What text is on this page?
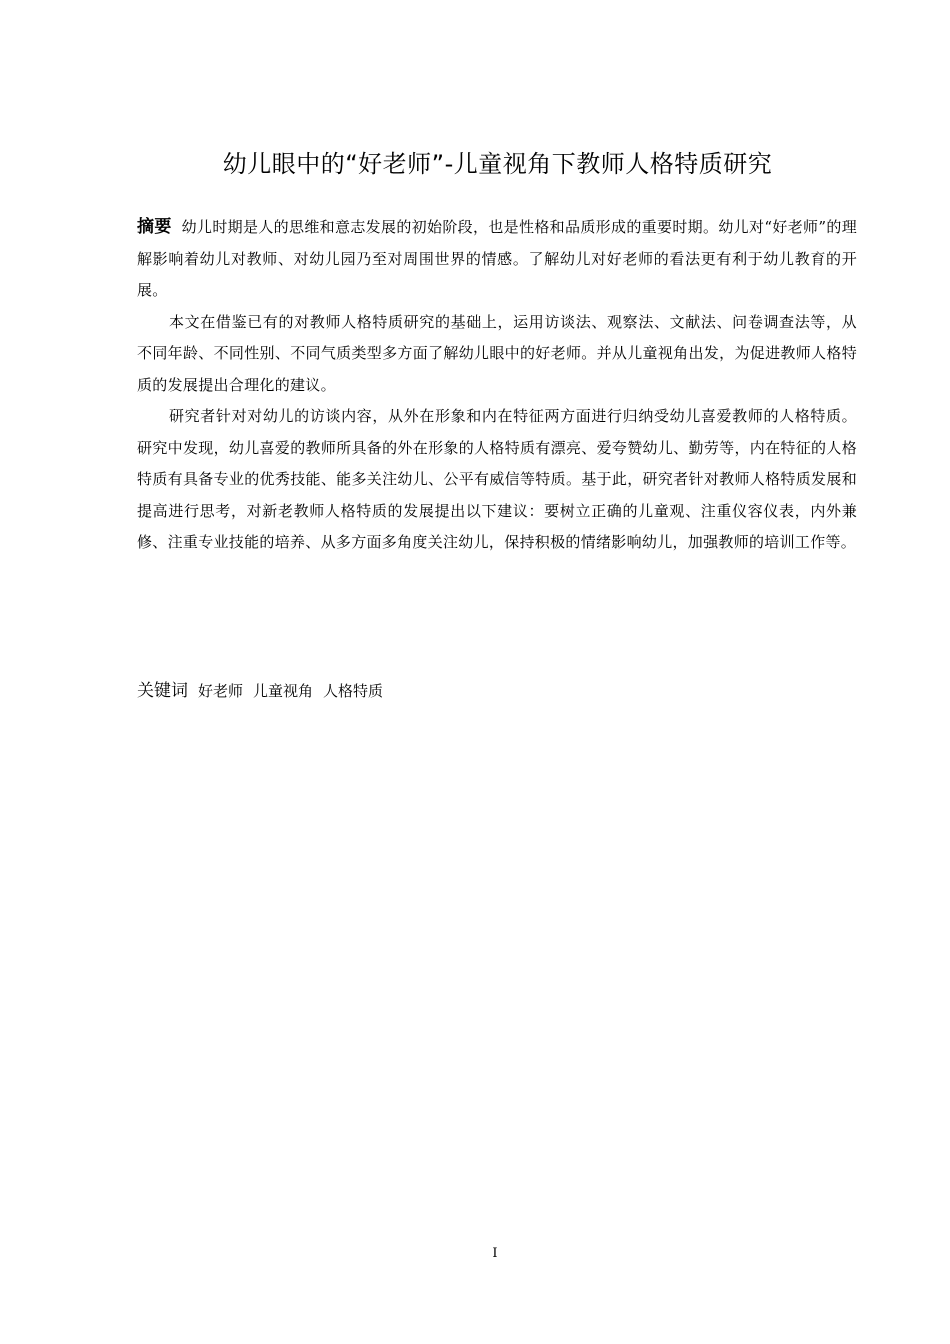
幼儿眼中的“好老师”-儿童视角下教师人格特质研究

摘要 幼儿时期是人的思维和意志发展的初始阶段，也是性格和品质形成的重要时期。幼儿对“好老师”的理解影响着幼儿对教师、对幼儿园乃至对周围世界的情感。了解幼儿对好老师的看法更有利于幼儿教育的开展。

本文在借鉴已有的对教师人格特质研究的基础上，运用访谈法、观察法、文献法、问卷调查法等，从不同年龄、不同性别、不同气质类型多方面了解幼儿眼中的好老师。并从儿童视角出发，为促进教师人格特质的发展提出合理化的建议。

研究者针对对幼儿的访谈内容，从外在形象和内在特征两方面进行归纳受幼儿喜爱教师的人格特质。研究中发现，幼儿喜爱的教师所具备的外在形象的人格特质有漂亮、爱夸赞幼儿、勤劳等，内在特征的人格特质有具备专业的优秀技能、能多关注幼儿、公平有威信等特质。基于此，研究者针对教师人格特质发展和提高进行思考，对新老教师人格特质的发展提出以下建议：要树立正确的儿童观、注重仪容仪表，内外兼修、注重专业技能的培养、从多方面多角度关注幼儿，保持积极的情绪影响幼儿，加强教师的培训工作等。

关键词 好老师 儿童视角 人格特质
I
